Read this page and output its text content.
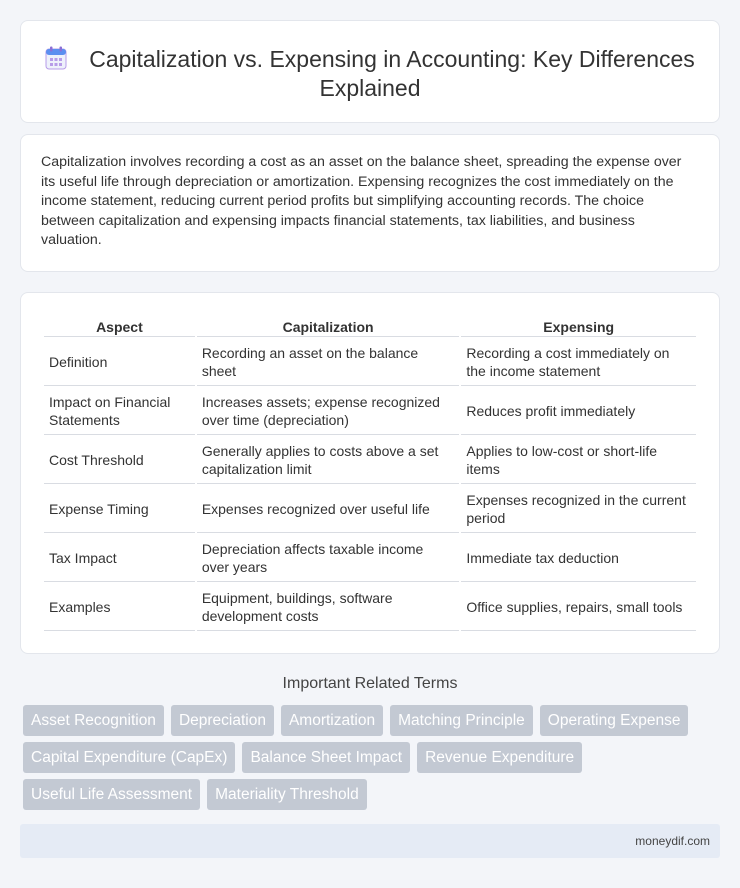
Capitalization vs. Expensing in Accounting: Key Differences Explained

Capitalization involves recording a cost as an asset on the balance sheet, spreading the expense over its useful life through depreciation or amortization. Expensing recognizes the cost immediately on the income statement, reducing current period profits but simplifying accounting records. The choice between capitalization and expensing impacts financial statements, tax liabilities, and business valuation.

Aspect	Capitalization	Expensing
Definition	Recording an asset on the balance sheet	Recording a cost immediately on the income statement
Impact on Financial Statements	Increases assets; expense recognized over time (depreciation)	Reduces profit immediately
Cost Threshold	Generally applies to costs above a set capitalization limit	Applies to low-cost or short-life items
Expense Timing	Expenses recognized over useful life	Expenses recognized in the current period
Tax Impact	Depreciation affects taxable income over years	Immediate tax deduction
Examples	Equipment, buildings, software development costs	Office supplies, repairs, small tools
Important Related Terms
Asset Recognition	Depreciation	Amortization	Matching Principle	Operating Expense
Capital Expenditure (CapEx)	Balance Sheet Impact	Revenue Expenditure
Useful Life Assessment	Materiality Threshold
moneydif.com
